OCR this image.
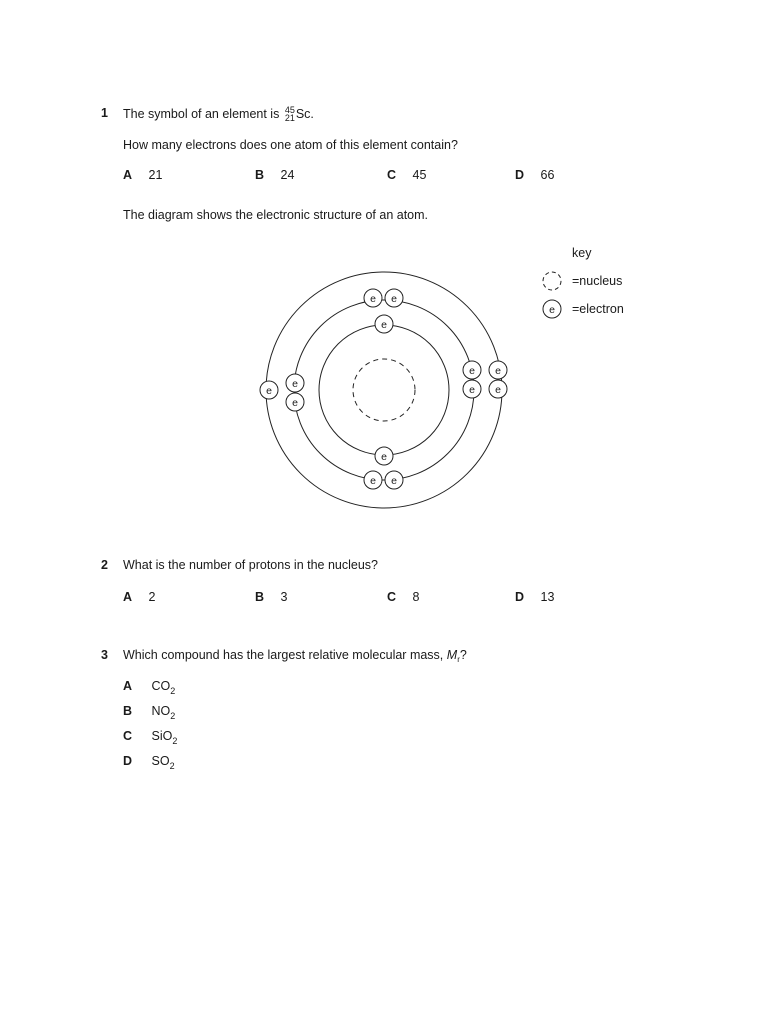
1 The symbol of an element is 45
21 Sc.
How many electrons does one atom of this element contain?
A 21	B 24	C 45	D 66
The diagram shows the electronic structure of an atom.
e
e
e e
e
e
e
e
e e
e
e
e
key
=nucleus
e =electron
2 What is the number of protons in the nucleus?
A 2	B 3	C 8	D 13
3 Which compound has the largest relative molecular mass, $M_r$?
A $CO_2$
B $NO_2$
C SiO$_2$
D $SO_2$
